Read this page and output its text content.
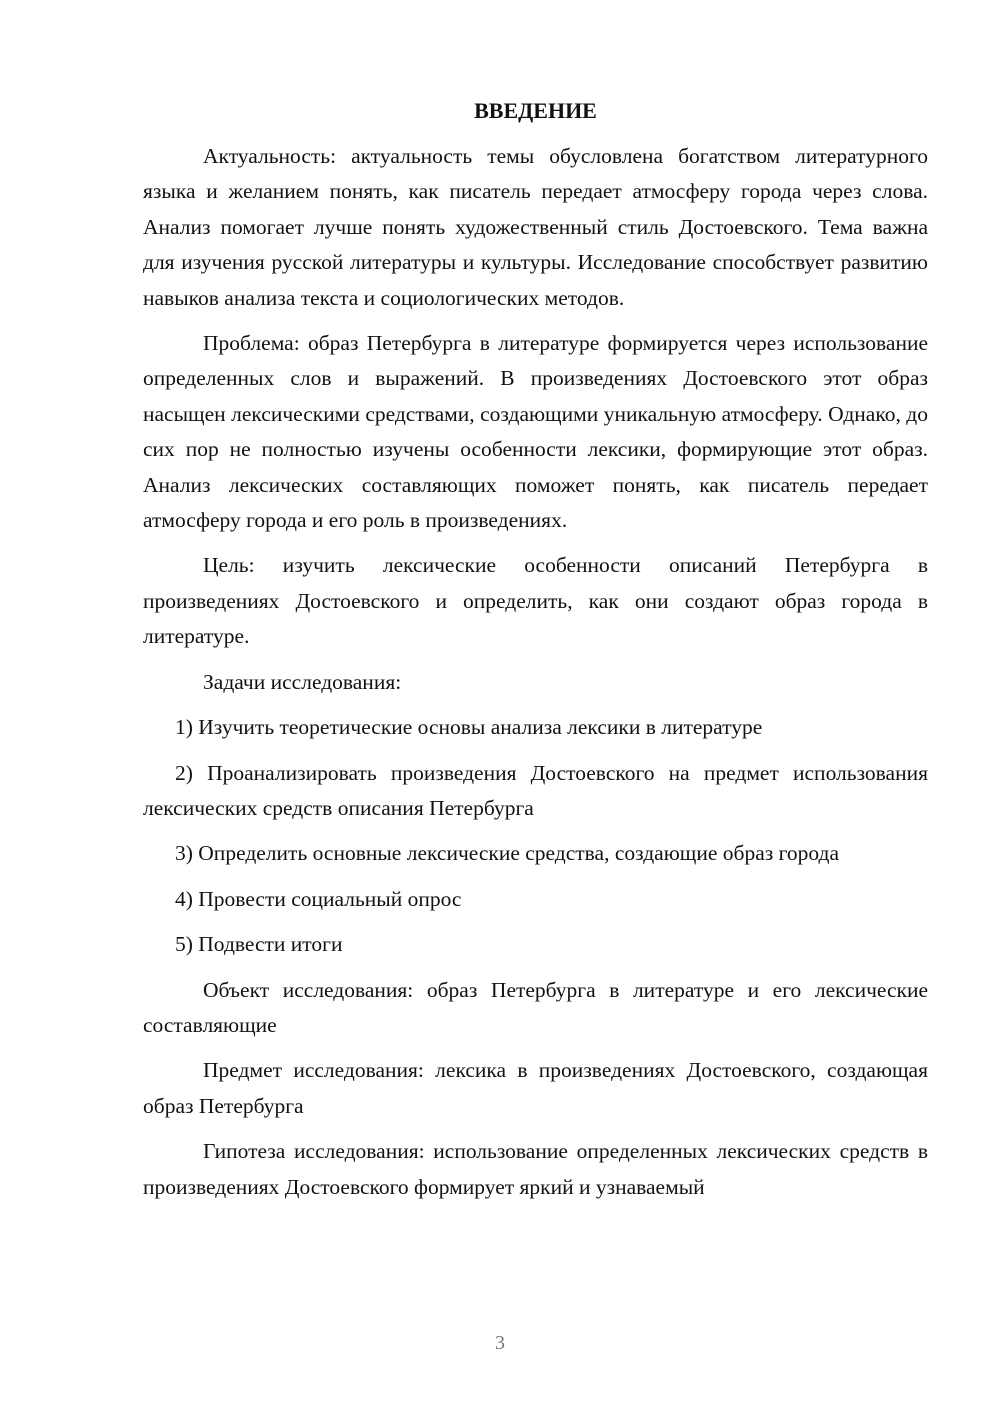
ВВЕДЕНИЕ

Актуальность: актуальность темы обусловлена богатством литературного языка и желанием понять, как писатель передает атмосферу города через слова. Анализ помогает лучше понять художественный стиль Достоевского. Тема важна для изучения русской литературы и культуры. Исследование способствует развитию навыков анализа текста и социологических методов.

Проблема: образ Петербурга в литературе формируется через использование определенных слов и выражений. В произведениях Достоевского этот образ насыщен лексическими средствами, создающими уникальную атмосферу. Однако, до сих пор не полностью изучены особенности лексики, формирующие этот образ. Анализ лексических составляющих поможет понять, как писатель передает атмосферу города и его роль в произведениях.

Цель: изучить лексические особенности описаний Петербурга в произведениях Достоевского и определить, как они создают образ города в литературе.

Задачи исследования:

1) Изучить теоретические основы анализа лексики в литературе

2) Проанализировать произведения Достоевского на предмет использования лексических средств описания Петербурга

3) Определить основные лексические средства, создающие образ города

4) Провести социальный опрос

5) Подвести итоги

Объект исследования: образ Петербурга в литературе и его лексические составляющие

Предмет исследования: лексика в произведениях Достоевского, создающая образ Петербурга

Гипотеза исследования: использование определенных лексических средств в произведениях Достоевского формирует яркий и узнаваемый

3
